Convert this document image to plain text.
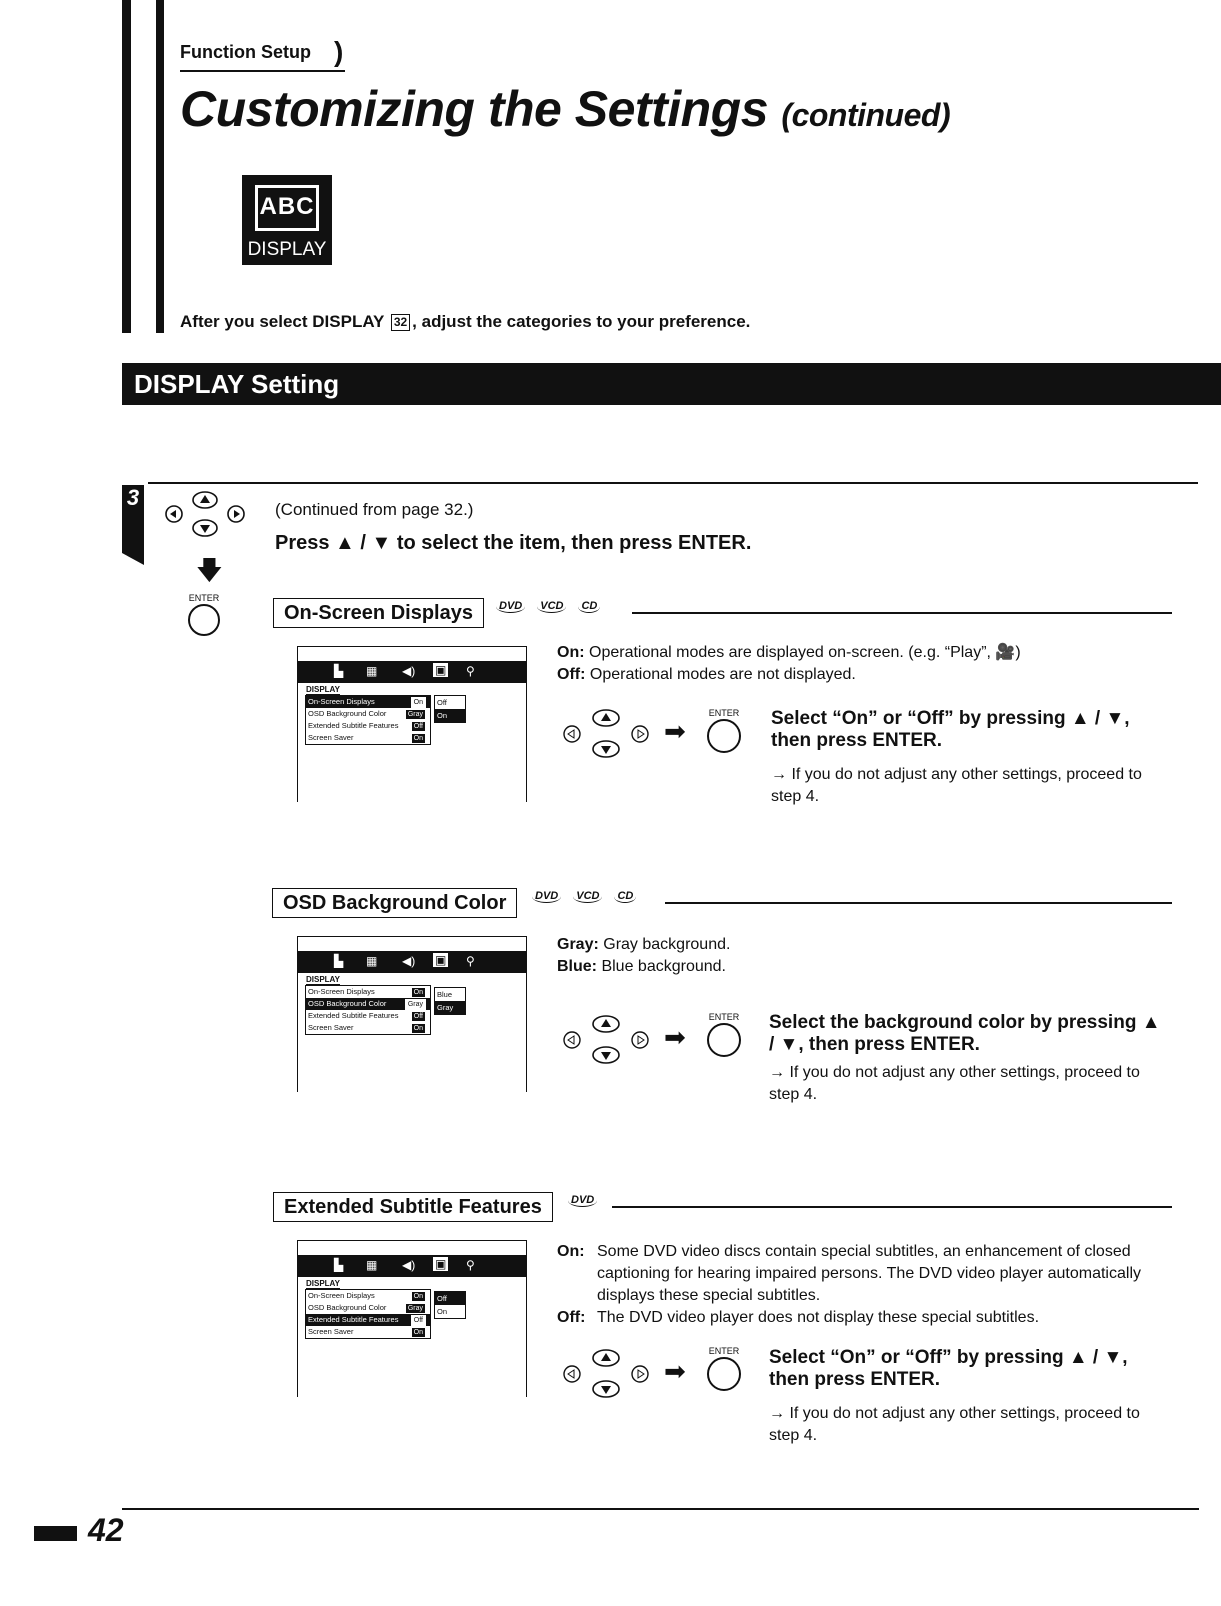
Function Setup )
Customizing the Settings (continued)
ABC
DISPLAY
After you select DISPLAY 32 , adjust the categories to your preference.
DISPLAY Setting
3
🡇
ENTER
(Continued from page 32.)
Press ▲ / ▼ to select the item, then press ENTER.
On-Screen Displays	DVD VCD CD
▙ ▦ ◀) ▣ ⚲
DISPLAY
On-Screen Displays	On
OSD Background Color	Gray
Extended Subtitle Features	Off
Screen Saver	On
Off
On
On: Operational modes are displayed on-screen. (e.g. “Play”, 🎥)
Off: Operational modes are not displayed.
➡
ENTER Select “On” or “Off” by pressing ▲ / ▼, then press ENTER.
→ If you do not adjust any other settings, proceed to step 4.
OSD Background Color	DVD VCD CD
▙ ▦ ◀) ▣ ⚲
DISPLAY
On-Screen Displays	On
OSD Background Color	Gray
Extended Subtitle Features	Off
Screen Saver	On
Blue
Gray
Gray: Gray background.
Blue: Blue background.
➡
ENTER Select the background color by pressing ▲ / ▼, then press ENTER.
→ If you do not adjust any other settings, proceed to step 4.
Extended Subtitle Features	DVD
▙ ▦ ◀) ▣ ⚲
DISPLAY
On-Screen Displays	On
OSD Background Color	Gray
Extended Subtitle Features	Off
Screen Saver	On
Off
On
On: Some DVD video discs contain special subtitles, an enhancement of closed captioning for hearing impaired persons. The DVD video player automatically displays these special subtitles.
Off: The DVD video player does not display these special subtitles.
➡
ENTER Select “On” or “Off” by pressing ▲ / ▼, then press ENTER.
→ If you do not adjust any other settings, proceed to step 4.
42
